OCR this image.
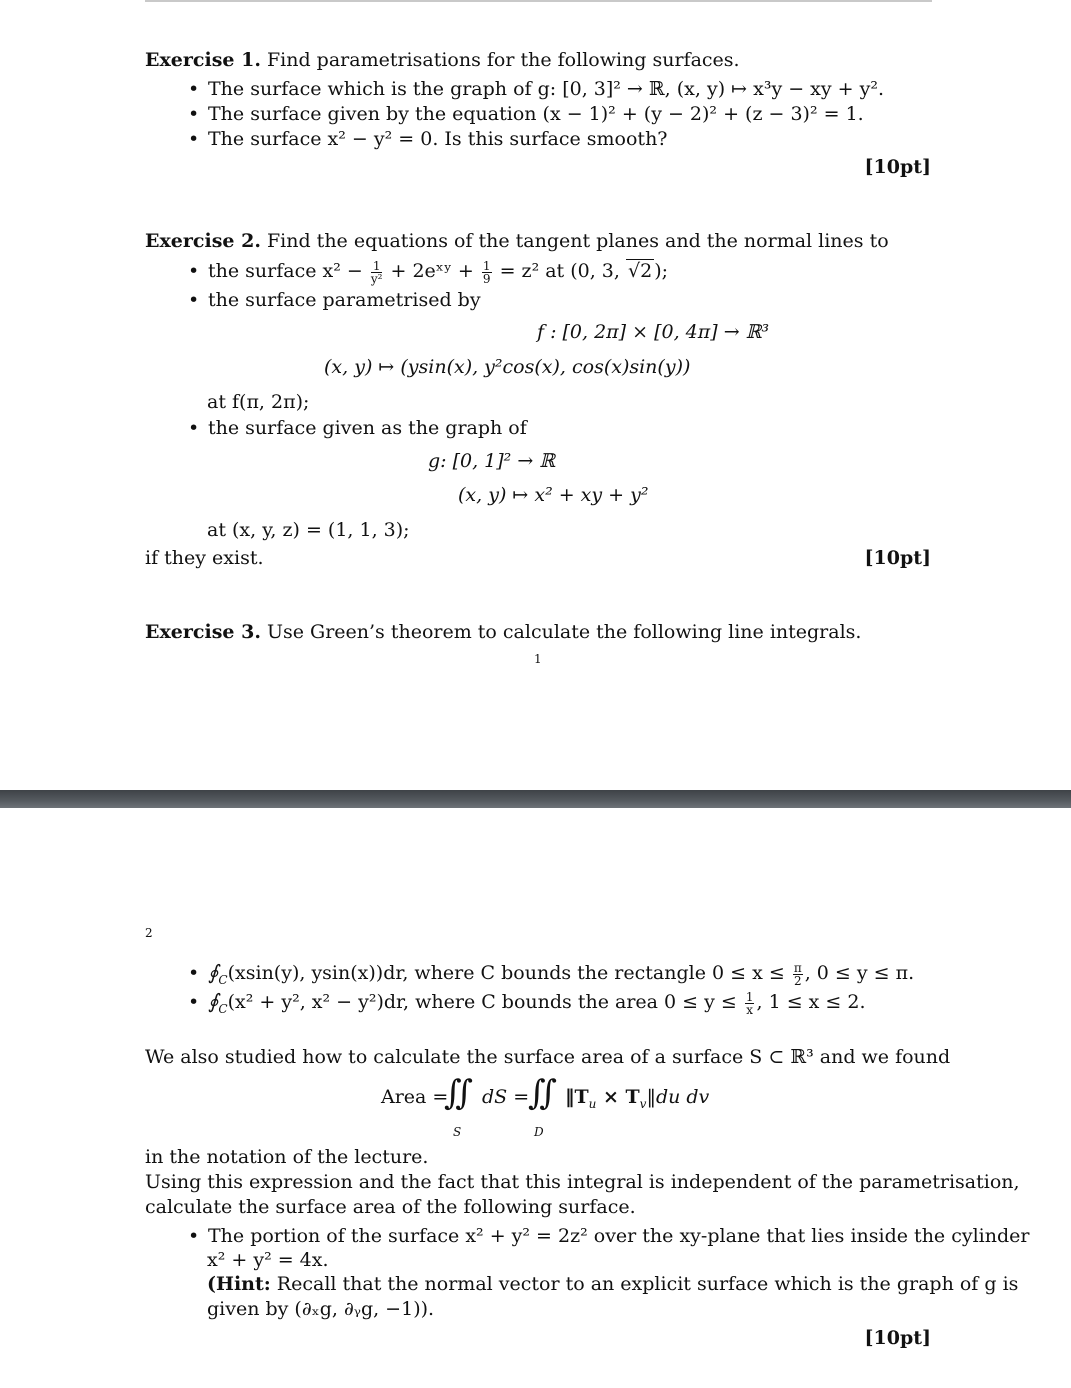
Exercise 1. Find parametrisations for the following surfaces.
• The surface which is the graph of g: [0, 3]² → ℝ, (x, y) ↦ x³y − xy + y².
• The surface given by the equation (x − 1)² + (y − 2)² + (z − 3)² = 1.
• The surface x² − y² = 0. Is this surface smooth?
[10pt]
Exercise 2. Find the equations of the tangent planes and the normal lines to
• the surface $x^2 - \frac{1}{\text{y²}}$ + 2eˣʸ + $\frac{1}{9} = z^2$ at (0, 3, √2 );
• the surface parametrised by
f : [0, 2π] × [0, 4π] → ℝ³
(x, y) ↦ (ysin(x), y²cos(x), cos(x)sin(y))
at f(π, 2π);
• the surface given as the graph of
g: [0, 1]² → ℝ
(x, y) ↦ x² + xy + y²
at (x, y, z) = (1, 1, 3);
if they exist.	[10pt]
Exercise 3. Use Green’s theorem to calculate the following line integrals.
1
2
• $∮_C(xsin(y)$, ysin(x))dr, where C bounds the rectangle $0 \le x \le \frac{\pi}{2}$ , 0 ≤ y ≤ π.
• $∮_C(x^2 + y^2$, x² − y²)dr, where C bounds the area $0 \le y \le \frac{1}{x}$ , 1 ≤ x ≤ 2.
We also studied how to calculate the surface area of a surface S ⊂ ℝ³ and we found
Area =
∬
S
dS =
∬
D
$‖T_u$ × $T_v‖du$ dv
in the notation of the lecture.
Using this expression and the fact that this integral is independent of the parametrisation,
calculate the surface area of the following surface.
• The portion of the surface x² + y² = 2z² over the xy-plane that lies inside the cylinder
x² + y² = 4x.
(Hint: Recall that the normal vector to an explicit surface which is the graph of g is
given by (∂ₓg, ∂ᵧg, −1)).
[10pt]
